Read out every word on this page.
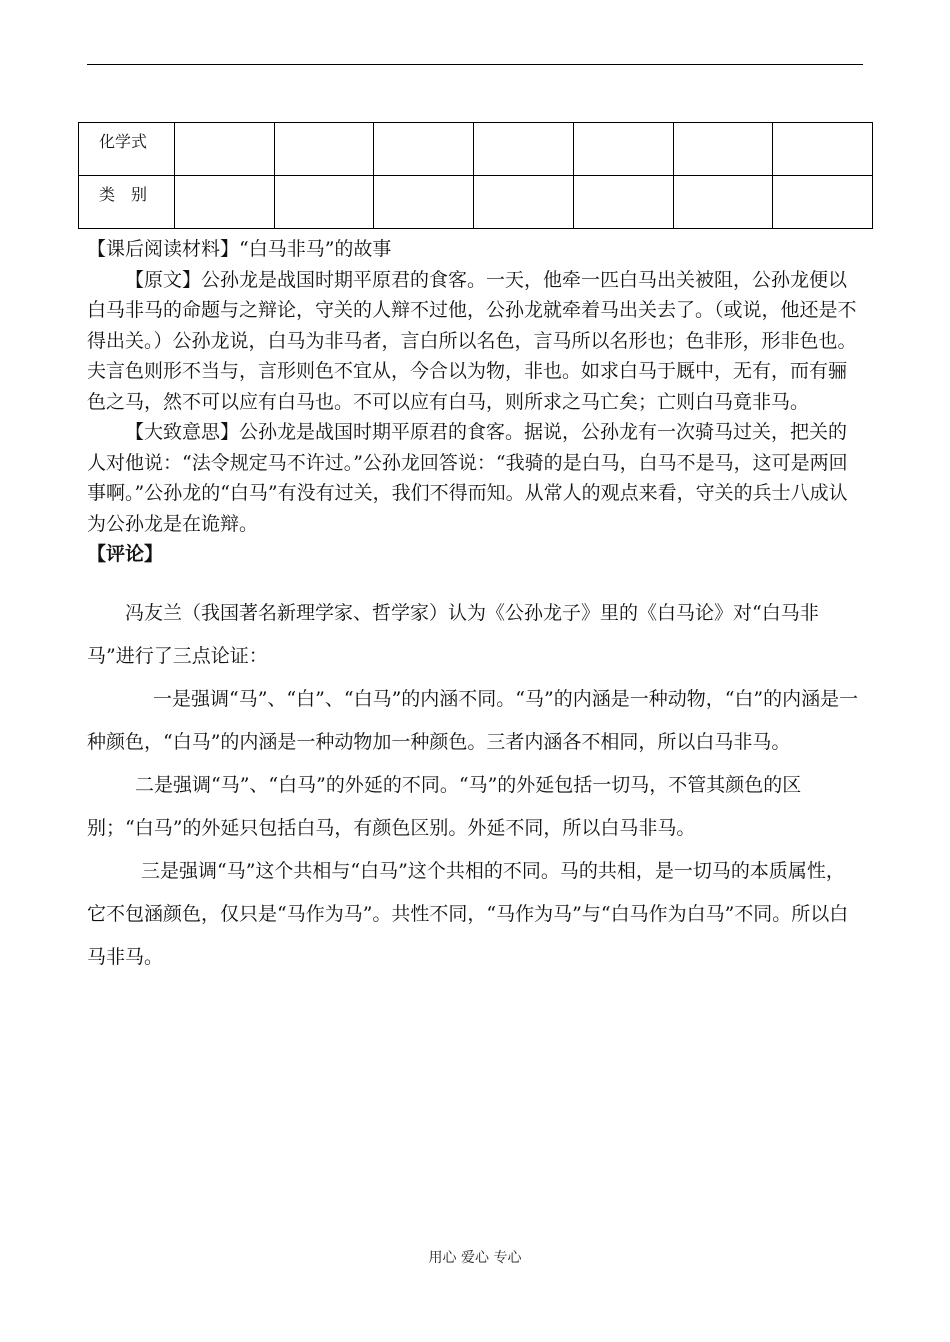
化学式							
类　别							

【课后阅读材料】“白马非马”的故事

【原文】公孙龙是战国时期平原君的食客。一天，他牵一匹白马出关被阻，公孙龙便以白马非马的命题与之辩论，守关的人辩不过他，公孙龙就牵着马出关去了。（或说，他还是不得出关。）公孙龙说，白马为非马者，言白所以名色，言马所以名形也；色非形，形非色也。夫言色则形不当与，言形则色不宜从，今合以为物，非也。如求白马于厩中，无有，而有骊色之马，然不可以应有白马也。不可以应有白马，则所求之马亡矣；亡则白马竟非马。

【大致意思】公孙龙是战国时期平原君的食客。据说，公孙龙有一次骑马过关，把关的人对他说：“法令规定马不许过。”公孙龙回答说：“我骑的是白马，白马不是马，这可是两回事啊。”公孙龙的“白马”有没有过关，我们不得而知。从常人的观点来看，守关的兵士八成认为公孙龙是在诡辩。

【评论】

冯友兰（我国著名新理学家、哲学家）认为《公孙龙子》里的《白马论》对“白马非马”进行了三点论证：

一是强调“马”、“白”、“白马”的内涵不同。“马”的内涵是一种动物，“白”的内涵是一种颜色，“白马”的内涵是一种动物加一种颜色。三者内涵各不相同，所以白马非马。

二是强调“马”、“白马”的外延的不同。“马”的外延包括一切马，不管其颜色的区别；“白马”的外延只包括白马，有颜色区别。外延不同，所以白马非马。

三是强调“马”这个共相与“白马”这个共相的不同。马的共相，是一切马的本质属性，它不包涵颜色，仅只是“马作为马”。共性不同，“马作为马”与“白马作为白马”不同。所以白马非马。

用心 爱心 专心
